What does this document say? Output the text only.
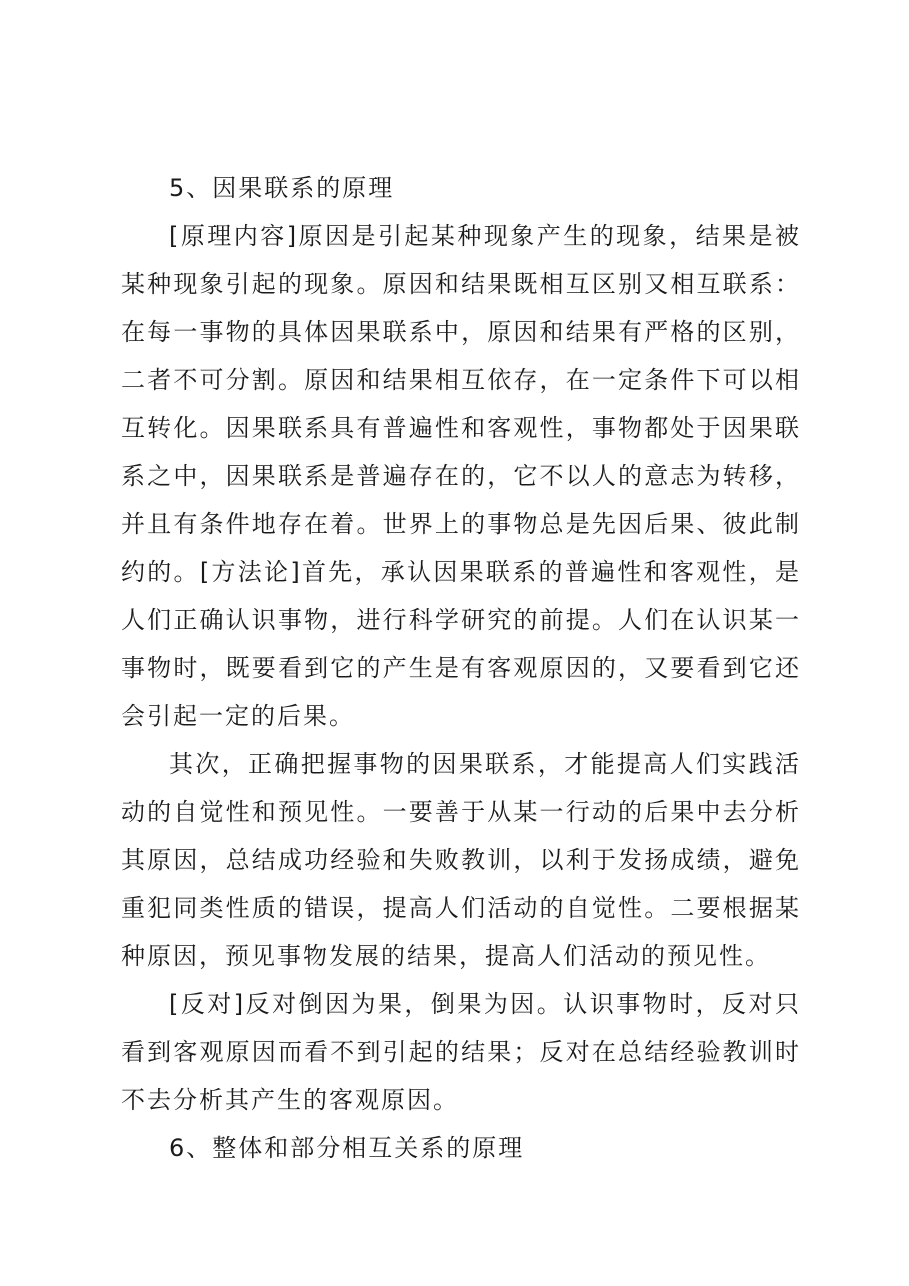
5、因果联系的原理

[原理内容]原因是引起某种现象产生的现象，结果是被某种现象引起的现象。原因和结果既相互区别又相互联系：在每一事物的具体因果联系中，原因和结果有严格的区别，二者不可分割。原因和结果相互依存，在一定条件下可以相互转化。因果联系具有普遍性和客观性，事物都处于因果联系之中，因果联系是普遍存在的，它不以人的意志为转移，并且有条件地存在着。世界上的事物总是先因后果、彼此制约的。[方法论]首先，承认因果联系的普遍性和客观性，是人们正确认识事物，进行科学研究的前提。人们在认识某一事物时，既要看到它的产生是有客观原因的，又要看到它还会引起一定的后果。

其次，正确把握事物的因果联系，才能提高人们实践活动的自觉性和预见性。一要善于从某一行动的后果中去分析其原因，总结成功经验和失败教训，以利于发扬成绩，避免重犯同类性质的错误，提高人们活动的自觉性。二要根据某种原因，预见事物发展的结果，提高人们活动的预见性。

[反对]反对倒因为果，倒果为因。认识事物时，反对只看到客观原因而看不到引起的结果；反对在总结经验教训时不去分析其产生的客观原因。

6、整体和部分相互关系的原理
